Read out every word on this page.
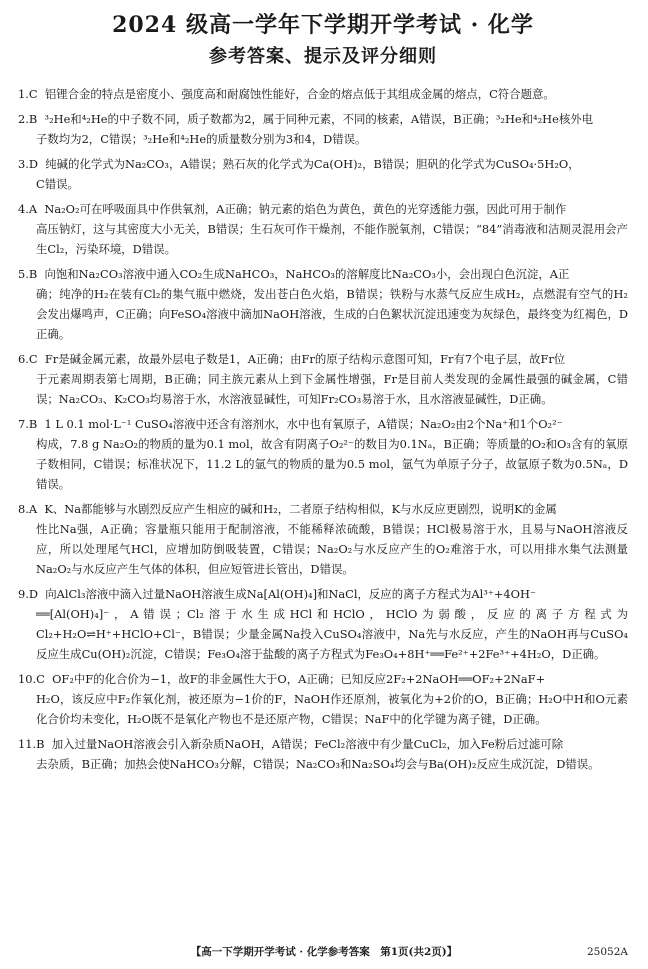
2024 级高一学年下学期开学考试 · 化学
参考答案、提示及评分细则
1.C 铝锂合金的特点是密度小、强度高和耐腐蚀性能好，合金的熔点低于其组成金属的熔点，C符合题意。
2.B ³₂He和⁴₂He的中子数不同，质子数都为2，属于同种元素，不同的核素，A错误，B正确；³₂He和⁴₂He核外电
子数均为2，C错误；³₂He和⁴₂He的质量数分别为3和4，D错误。
3.D 纯碱的化学式为Na₂CO₃，A错误；熟石灰的化学式为Ca(OH)₂，B错误；胆矾的化学式为CuSO₄·5H₂O，
C错误。
4.A Na₂O₂可在呼吸面具中作供氧剂，A正确；钠元素的焰色为黄色，黄色的光穿透能力强，因此可用于制作
高压钠灯，这与其密度大小无关，B错误；生石灰可作干燥剂，不能作脱氧剂，C错误；“84”消毒液和洁厕灵混用会产生Cl₂，污染环境，D错误。
5.B 向饱和Na₂CO₃溶液中通入CO₂生成NaHCO₃，NaHCO₃的溶解度比Na₂CO₃小，会出现白色沉淀，A正
确；纯净的H₂在装有Cl₂的集气瓶中燃烧，发出苍白色火焰，B错误；铁粉与水蒸气反应生成H₂，点燃混有空气的H₂会发出爆鸣声，C正确；向FeSO₄溶液中滴加NaOH溶液，生成的白色絮状沉淀迅速变为灰绿色，最终变为红褐色，D正确。
6.C Fr是碱金属元素，故最外层电子数是1，A正确；由Fr的原子结构示意图可知，Fr有7个电子层，故Fr位
于元素周期表第七周期，B正确；同主族元素从上到下金属性增强，Fr是目前人类发现的金属性最强的碱金属，C错误；Na₂CO₃、K₂CO₃均易溶于水，水溶液显碱性，可知Fr₂CO₃易溶于水，且水溶液显碱性，D正确。
7.B 1 L 0.1 mol·L⁻¹ CuSO₄溶液中还含有溶剂水，水中也有氧原子，A错误；Na₂O₂由2个Na⁺和1个O₂²⁻
构成，7.8 g Na₂O₂的物质的量为0.1 mol，故含有阴离子O₂²⁻的数目为0.1Nₐ，B正确；等质量的O₂和O₃含有的氧原子数相同，C错误；标准状况下，11.2 L的氩气的物质的量为0.5 mol，氩气为单原子分子，故氩原子数为0.5Nₐ，D错误。
8.A K、Na都能够与水剧烈反应产生相应的碱和H₂，二者原子结构相似，K与水反应更剧烈，说明K的金属
性比Na强，A正确；容量瓶只能用于配制溶液，不能稀释浓硫酸，B错误；HCl极易溶于水，且易与NaOH溶液反应，所以处理尾气HCl，应增加防倒吸装置，C错误；Na₂O₂与水反应产生的O₂难溶于水，可以用排水集气法测量Na₂O₂与水反应产生气体的体积，但应短管进长管出，D错误。
9.D 向AlCl₃溶液中滴入过量NaOH溶液生成Na[Al(OH)₄]和NaCl，反应的离子方程式为Al³⁺+4OH⁻
══[Al(OH)₄]⁻，A错误；Cl₂溶于水生成HCl和HClO，HClO为弱酸，反应的离子方程式为Cl₂+H₂O⇌H⁺+HClO+Cl⁻，B错误；少量金属Na投入CuSO₄溶液中，Na先与水反应，产生的NaOH再与CuSO₄反应生成Cu(OH)₂沉淀，C错误；Fe₃O₄溶于盐酸的离子方程式为Fe₃O₄+8H⁺══Fe²⁺+2Fe³⁺+4H₂O，D正确。
10.C OF₂中F的化合价为−1，故F的非金属性大于O，A正确；已知反应2F₂+2NaOH══OF₂+2NaF+
H₂O，该反应中F₂作氧化剂，被还原为−1价的F，NaOH作还原剂，被氧化为+2价的O，B正确；H₂O中H和O元素化合价均未变化，H₂O既不是氧化产物也不是还原产物，C错误；NaF中的化学键为离子键，D正确。
11.B 加入过量NaOH溶液会引入新杂质NaOH，A错误；FeCl₂溶液中有少量CuCl₂，加入Fe粉后过滤可除
去杂质，B正确；加热会使NaHCO₃分解，C错误；Na₂CO₃和Na₂SO₄均会与Ba(OH)₂反应生成沉淀，D错误。
【高一下学期开学考试 · 化学参考答案　第1页(共2页)】	25052A
